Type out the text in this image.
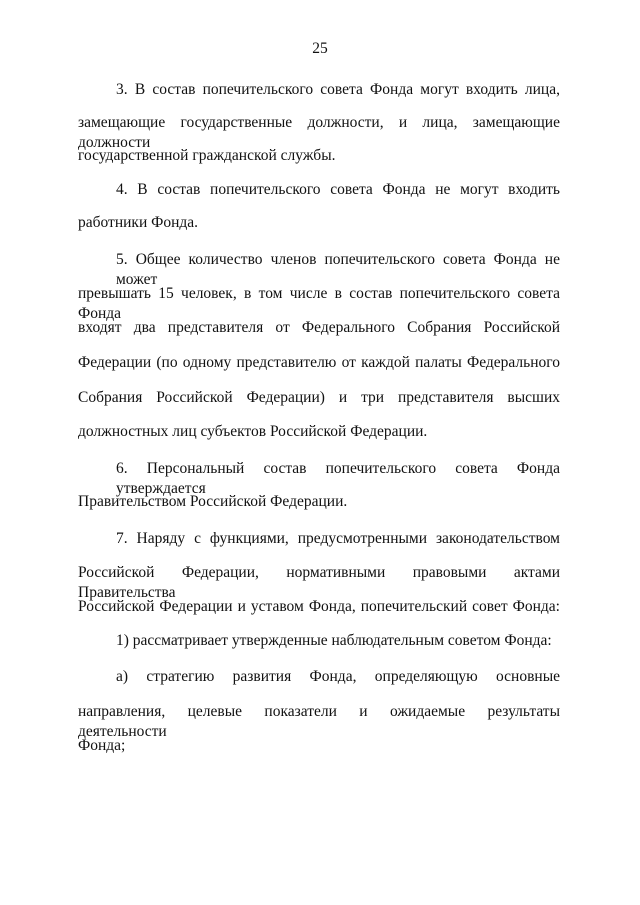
25
3. В состав попечительского совета Фонда могут входить лица,
замещающие государственные должности, и лица, замещающие должности
государственной гражданской службы.
4. В состав попечительского совета Фонда не могут входить
работники Фонда.
5. Общее количество членов попечительского совета Фонда не может
превышать 15 человек, в том числе в состав попечительского совета Фонда
входят два представителя от Федерального Собрания Российской
Федерации (по одному представителю от каждой палаты Федерального
Собрания Российской Федерации) и три представителя высших
должностных лиц субъектов Российской Федерации.
6. Персональный состав попечительского совета Фонда утверждается
Правительством Российской Федерации.
7. Наряду с функциями, предусмотренными законодательством
Российской Федерации, нормативными правовыми актами Правительства
Российской Федерации и уставом Фонда, попечительский совет Фонда:
1) рассматривает утвержденные наблюдательным советом Фонда:
а) стратегию развития Фонда, определяющую основные
направления, целевые показатели и ожидаемые результаты деятельности
Фонда;
